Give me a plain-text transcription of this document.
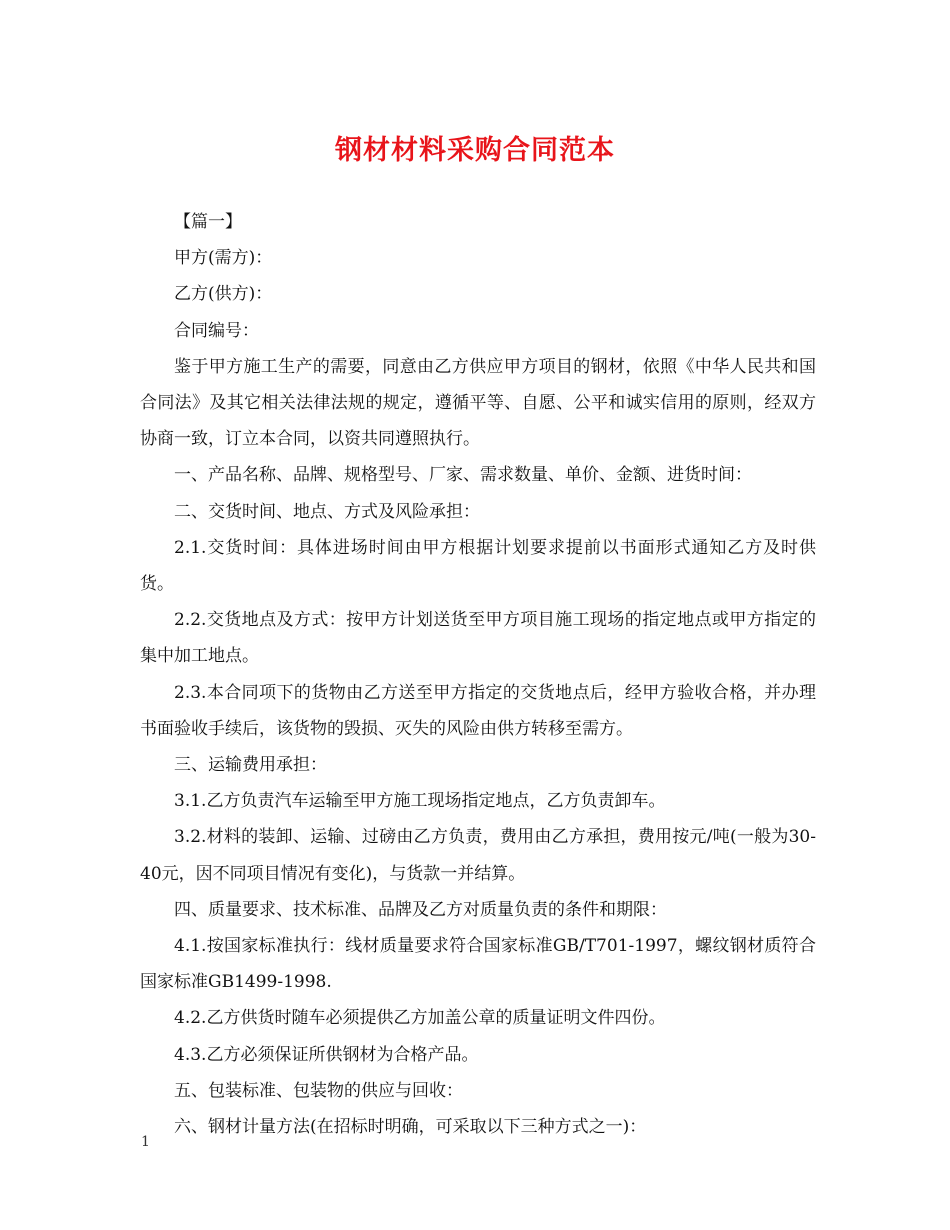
钢材材料采购合同范本

【篇一】

甲方(需方)：

乙方(供方)：

合同编号：

鉴于甲方施工生产的需要，同意由乙方供应甲方项目的钢材，依照《中华人民共和国合同法》及其它相关法律法规的规定，遵循平等、自愿、公平和诚实信用的原则，经双方协商一致，订立本合同，以资共同遵照执行。

一、产品名称、品牌、规格型号、厂家、需求数量、单价、金额、进货时间：

二、交货时间、地点、方式及风险承担：

2.1.交货时间：具体进场时间由甲方根据计划要求提前以书面形式通知乙方及时供货。

2.2.交货地点及方式：按甲方计划送货至甲方项目施工现场的指定地点或甲方指定的集中加工地点。

2.3.本合同项下的货物由乙方送至甲方指定的交货地点后，经甲方验收合格，并办理书面验收手续后，该货物的毁损、灭失的风险由供方转移至需方。

三、运输费用承担：

3.1.乙方负责汽车运输至甲方施工现场指定地点，乙方负责卸车。

3.2.材料的装卸、运输、过磅由乙方负责，费用由乙方承担，费用按元/吨(一般为30-40元，因不同项目情况有变化)，与货款一并结算。

四、质量要求、技术标准、品牌及乙方对质量负责的条件和期限：

4.1.按国家标准执行：线材质量要求符合国家标准GB/T701-1997，螺纹钢材质符合国家标准GB1499-1998.

4.2.乙方供货时随车必须提供乙方加盖公章的质量证明文件四份。

4.3.乙方必须保证所供钢材为合格产品。

五、包装标准、包装物的供应与回收：

六、钢材计量方法(在招标时明确，可采取以下三种方式之一)：

1
